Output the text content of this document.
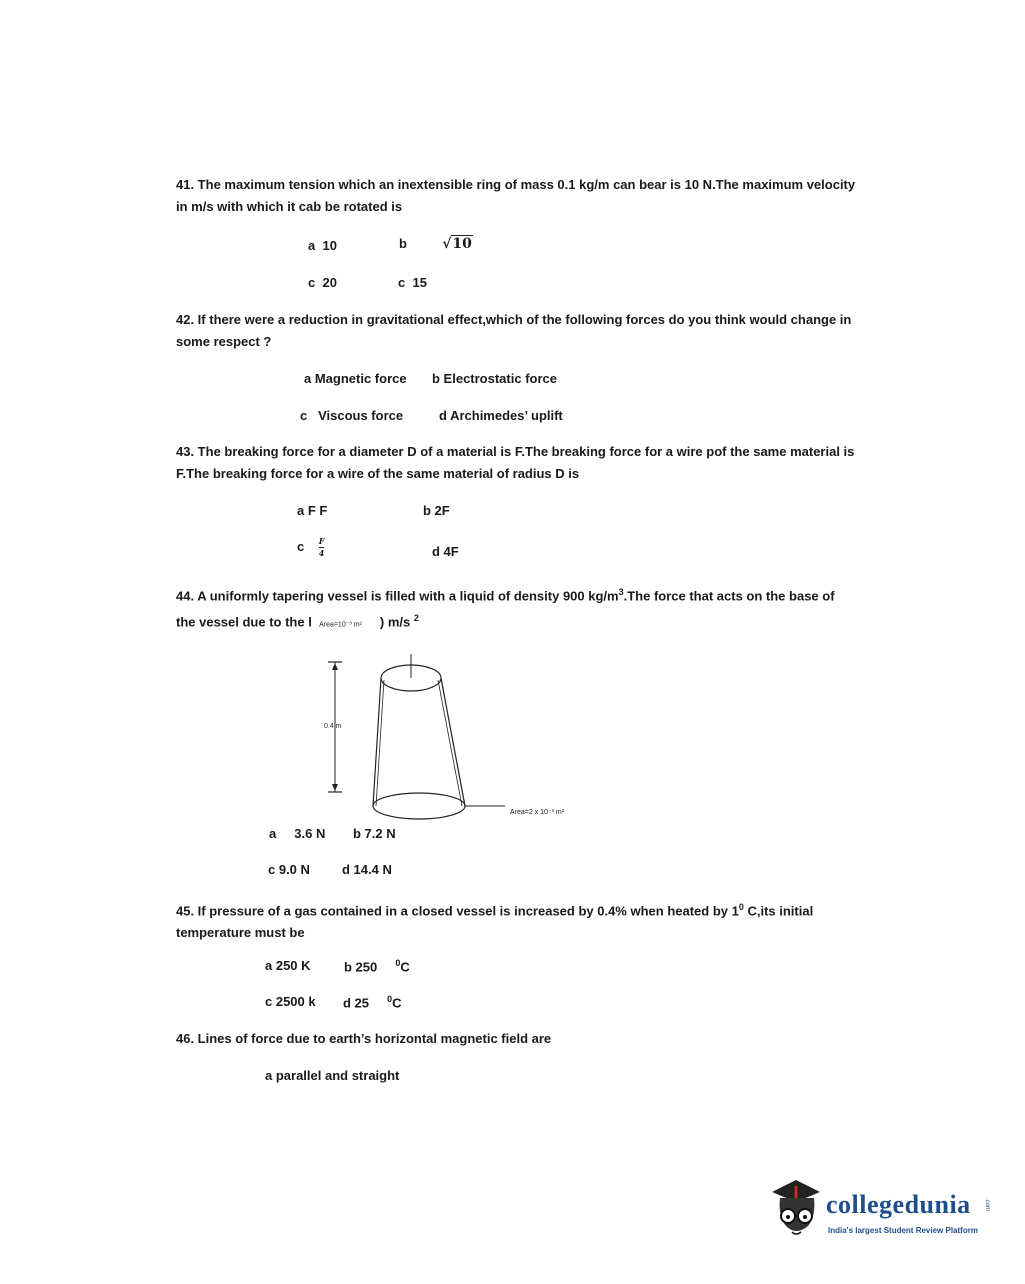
41. The maximum tension which an inextensible ring of mass 0.1 kg/m can bear is 10 N.The maximum velocity in m/s with which it cab be rotated is
a 10	b	√10
c 20	c 15
42. If there were a reduction in gravitational effect,which of the following forces do you think would change in some respect ?
a Magnetic force b Electrostatic force
c Viscous force	d Archimedes’ uplift
43. The breaking force for a diameter D of a material is F.The breaking force for a wire pof the same material is F.The breaking force for a wire of the same material of radius D is
a F F	b 2F
c $\frac{F}{4}$	d 4F
44. A uniformly tapering vessel is filled with a liquid of density 900 $kg/m^3.The$ force that acts on the base of the vessel due to the l Area=10⁻³ m² ) m/s $^2$
0.4 m
Area=2 x 10⁻³ m²
a 3.6 N b 7.2 N
c 9.0 N d 14.4 N
45. If pressure of a gas contained in a closed vessel is increased by 0.4% when heated by $1^0$ C,its initial temperature must be
a 250 K	b 250 $^0$C
c 2500 k d 25 $^0$C
46. Lines of force due to earth’s horizontal magnetic field are
a parallel and straight
collegedunia .com
India's largest Student Review Platform
